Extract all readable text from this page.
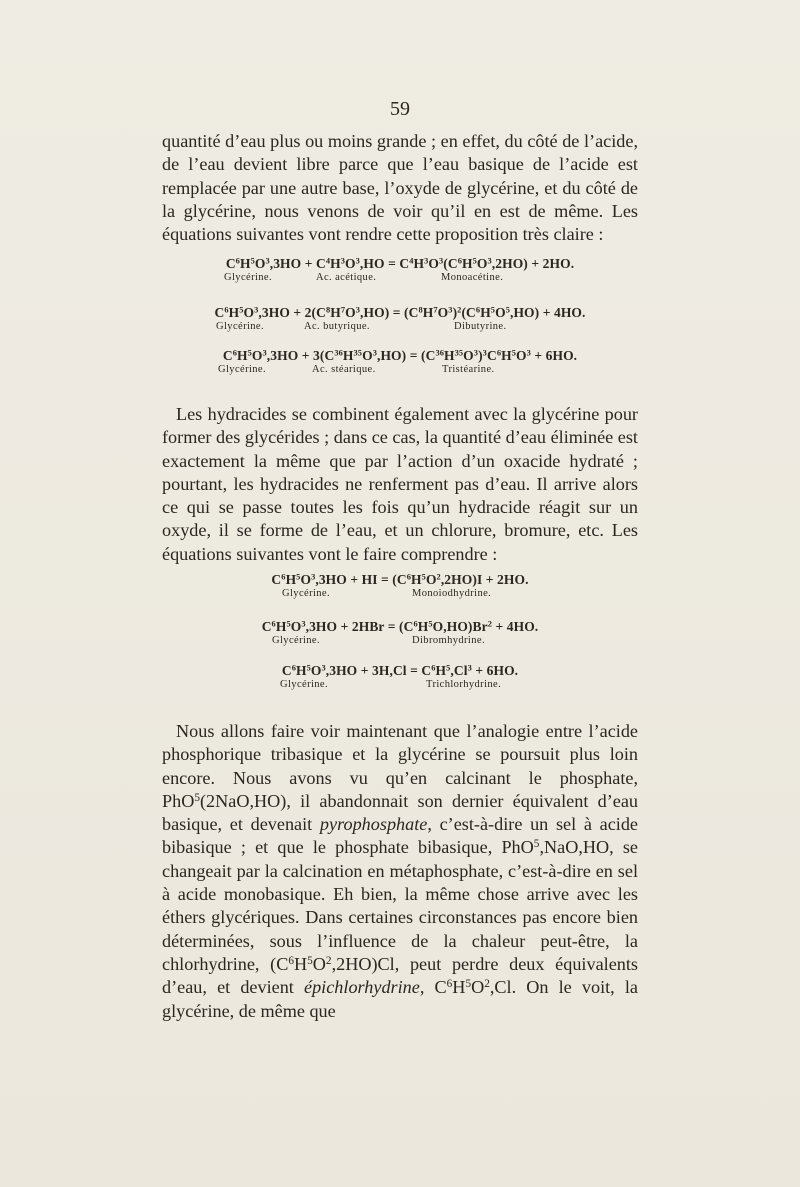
59

quantité d’eau plus ou moins grande ; en effet, du côté de l’acide, de l’eau devient libre parce que l’eau basique de l’acide est remplacée par une autre base, l’oxyde de glycérine, et du côté de la glycérine, nous venons de voir qu’il en est de même. Les équations suivantes vont rendre cette proposition très claire :

$C^6H^5O^3,3HO + C^4H^3O^3,HO = C^4H^3O^3(C^6H^5O^3,2HO) + 2HO$.
Glycérine.	Ac. acétique.	Monoacétine.
$C^6H^5O^3,3HO + 2(C^8H^7O^3,HO) = (C^8H^7O^3)^2(C^6H^5O^5,HO) + 4HO$.
Glycérine.	Ac. butyrique.	Dibutyrine.
$C^6H^5O^3,3HO + 3(C^{36}H^{35}O^3,HO) = (C^{36}H^{35}O^3)^3C^6H^5O^3 + 6HO$.
Glycérine.	Ac. stéarique.	Tristéarine.

Les hydracides se combinent également avec la glycérine pour former des glycérides ; dans ce cas, la quantité d’eau éliminée est exactement la même que par l’action d’un oxacide hydraté ; pourtant, les hydracides ne renferment pas d’eau. Il arrive alors ce qui se passe toutes les fois qu’un hydracide réagit sur un oxyde, il se forme de l’eau, et un chlorure, bromure, etc. Les équations suivantes vont le faire comprendre :

$C^6H^5O^3,3HO$ + HI = $(C^6H^5O^2,2HO)I + 2HO$.
Glycérine.	Monoiodhydrine.
$C^6H^5O^3,3HO + 2HBr = (C^6H^5O,HO)Br^2 + 4HO$.
Glycérine.	Dibromhydrine.
$C^6H^5O^3,3HO + 3H,Cl = C^6H^5,Cl^3 + 6HO$.
Glycérine.	Trichlorhydrine.

Nous allons faire voir maintenant que l’analogie entre l’acide phosphorique tribasique et la glycérine se poursuit plus loin encore. Nous avons vu qu’en calcinant le phosphate, PhO$^5$(2NaO,HO), il abandonnait son dernier équivalent d’eau basique, et devenait pyrophosphate, c’est-à-dire un sel à acide bibasique ; et que le phosphate bibasique, PhO$^5$,NaO,HO, se changeait par la calcination en métaphosphate, c’est-à-dire en sel à acide monobasique. Eh bien, la même chose arrive avec les éthers glycériques. Dans certaines circonstances pas encore bien déterminées, sous l’influence de la chaleur peut-être, la chlorhydrine, $(C^6H^5O^2,2HO)Cl$, peut perdre deux équivalents d’eau, et devient épichlorhydrine, $C^6H^5O^2,Cl$. On le voit, la glycérine, de même que
